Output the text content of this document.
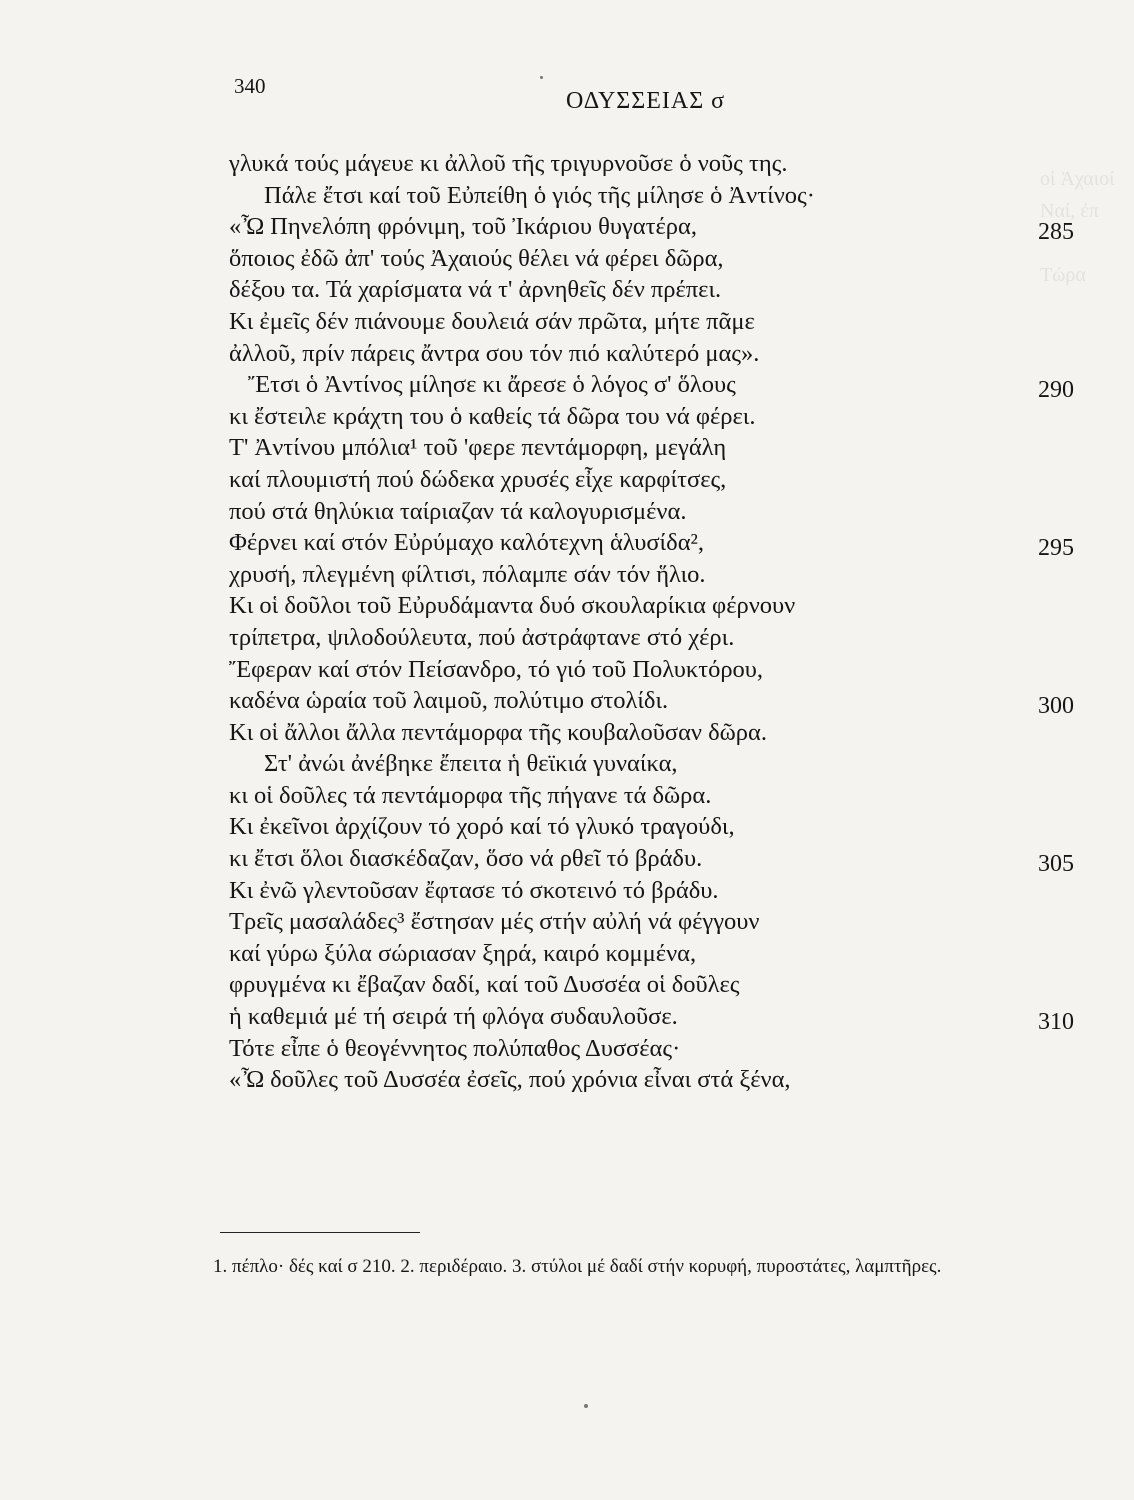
οἱ Ἀχαιοί
Ναί, ἐπ
Τώρα
340
ΟΔΥΣΣΕΙΑΣ σ
γλυκά τούς μάγευε κι ἀλλοῦ τῆς τριγυρνοῦσε ὁ νοῦς της.
Πάλε ἔτσι καί τοῦ Εὐπείθη ὁ γιός τῆς μίλησε ὁ Ἀντίνος·
«Ὦ Πηνελόπη φρόνιμη, τοῦ Ἰκάριου θυγατέρα,	285
ὅποιος ἐδῶ ἀπ' τούς Ἀχαιούς θέλει νά φέρει δῶρα,
δέξου τα. Τά χαρίσματα νά τ' ἀρνηθεῖς δέν πρέπει.
Κι ἐμεῖς δέν πιάνουμε δουλειά σάν πρῶτα, μήτε πᾶμε
ἀλλοῦ, πρίν πάρεις ἄντρα σου τόν πιό καλύτερό μας».
Ἔτσι ὁ Ἀντίνος μίλησε κι ἄρεσε ὁ λόγος σ' ὅλους	290
κι ἔστειλε κράχτη του ὁ καθείς τά δῶρα του νά φέρει.
Τ' Ἀντίνου μπόλια¹ τοῦ 'φερε πεντάμορφη, μεγάλη
καί πλουμιστή πού δώδεκα χρυσές εἶχε καρφίτσες,
πού στά θηλύκια ταίριαζαν τά καλογυρισμένα.
Φέρνει καί στόν Εὐρύμαχο καλότεχνη ἁλυσίδα²,	295
χρυσή, πλεγμένη φίλτισι, πόλαμπε σάν τόν ἥλιο.
Κι οἱ δοῦλοι τοῦ Εὐρυδάμαντα δυό σκουλαρίκια φέρνουν
τρίπετρα, ψιλοδούλευτα, πού ἀστράφτανε στό χέρι.
Ἔφεραν καί στόν Πείσανδρο, τό γιό τοῦ Πολυκτόρου,
καδένα ὡραία τοῦ λαιμοῦ, πολύτιμο στολίδι.	300
Κι οἱ ἄλλοι ἄλλα πεντάμορφα τῆς κουβαλοῦσαν δῶρα.
Στ' ἀνώι ἀνέβηκε ἔπειτα ἡ θεϊκιά γυναίκα,
κι οἱ δοῦλες τά πεντάμορφα τῆς πήγανε τά δῶρα.
Κι ἐκεῖνοι ἀρχίζουν τό χορό καί τό γλυκό τραγούδι,
κι ἔτσι ὅλοι διασκέδαζαν, ὅσο νά ρθεῖ τό βράδυ.	305
Κι ἐνῶ γλεντοῦσαν ἔφτασε τό σκοτεινό τό βράδυ.
Τρεῖς μασαλάδες³ ἔστησαν μές στήν αὐλή νά φέγγουν
καί γύρω ξύλα σώριασαν ξηρά, καιρό κομμένα,
φρυγμένα κι ἔβαζαν δαδί, καί τοῦ Δυσσέα οἱ δοῦλες
ἡ καθεμιά μέ τή σειρά τή φλόγα συδαυλοῦσε.	310
Τότε εἶπε ὁ θεογέννητος πολύπαθος Δυσσέας·
«Ὦ δοῦλες τοῦ Δυσσέα ἐσεῖς, πού χρόνια εἶναι στά ξένα,
1. πέπλο· δές καί σ 210. 2. περιδέραιο. 3. στύλοι μέ δαδί στήν κορυφή, πυροστάτες, λαμπτῆρες.
